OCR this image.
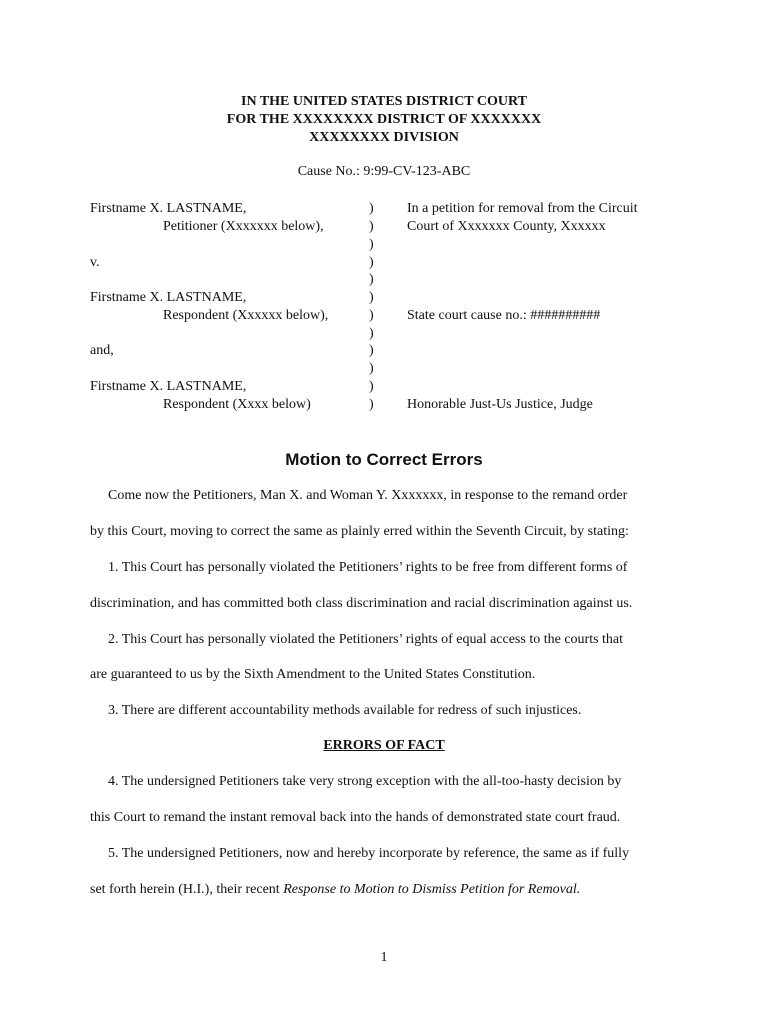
IN THE UNITED STATES DISTRICT COURT
FOR THE XXXXXXXX DISTRICT OF XXXXXXX
XXXXXXXX DIVISION
Cause No.: 9:99-CV-123-ABC
Firstname X. LASTNAME,
Petitioner (Xxxxxxx below),
v.
Firstname X. LASTNAME,
Respondent (Xxxxxx below),
and,
Firstname X. LASTNAME,
Respondent (Xxxx below)
)
)
)
)
)
)
)
)
)
)
)
)
In a petition for removal from the Circuit
Court of Xxxxxxx County, Xxxxxx
State court cause no.: ##########
Honorable Just-Us Justice, Judge
Motion to Correct Errors
Come now the Petitioners, Man X. and Woman Y. Xxxxxxx, in response to the remand order
by this Court, moving to correct the same as plainly erred within the Seventh Circuit, by stating:
1. This Court has personally violated the Petitioners’ rights to be free from different forms of
discrimination, and has committed both class discrimination and racial discrimination against us.
2. This Court has personally violated the Petitioners’ rights of equal access to the courts that
are guaranteed to us by the Sixth Amendment to the United States Constitution.
3. There are different accountability methods available for redress of such injustices.
ERRORS OF FACT
4. The undersigned Petitioners take very strong exception with the all-too-hasty decision by
this Court to remand the instant removal back into the hands of demonstrated state court fraud.
5. The undersigned Petitioners, now and hereby incorporate by reference, the same as if fully
set forth herein (H.I.), their recent Response to Motion to Dismiss Petition for Removal.
1
